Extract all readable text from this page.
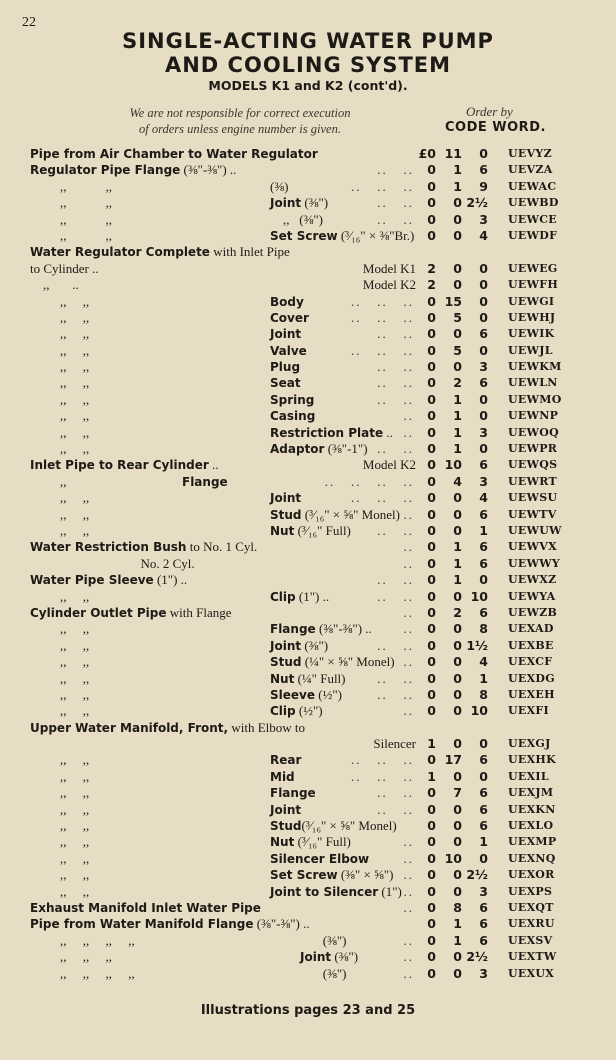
22
SINGLE-ACTING WATER PUMP
AND COOLING SYSTEM
MODELS K1 and K2 (cont'd).
We are not responsible for correct execution
of orders unless engine number is given.
Order by
CODE WORD.
Pipe from Air Chamber to Water Regulator	£0 11	0 UEVYZ
Regulator Pipe Flange (⅜"-⅜") ..	..   ..	0	1	6 UEVZA
,,            ,,	(⅜)	..   ..   ..	0	1	9 UEWAC
,,            ,,	Joint (⅜")	..   ..	0	0 2½ UEWBD
,,            ,,	,,   (⅜")	..   ..	0	0	3 UEWCE
,,            ,,	Set Screw (³⁄₁₆" × ⅜"Br.)	0	0	4 UEWDF
Water Regulator Complete with Inlet Pipe
to Cylinder ..	Model K1 2	0	0 UEWEG
,,       ..	Model K2 2	0	0 UEWFH
,,     ,,	Body	..   ..   ..	0 15	0 UEWGI
,,     ,,	Cover	..   ..   ..	0	5	0 UEWHJ
,,     ,,	Joint	..   ..	0	0	6 UEWIK
,,     ,,	Valve	..   ..   ..	0	5	0 UEWJL
,,     ,,	Plug	..   ..	0	0	3 UEWKM
,,     ,,	Seat	..   ..	0	2	6 UEWLN
,,     ,,	Spring	..   ..	0	1	0 UEWMO
,,     ,,	Casing	..	0	1	0 UEWNP
,,     ,,	Restriction Plate .. ..	0	1	3 UEWOQ
,,     ,,	Adaptor (⅜"-1") ..   ..	0	1	0 UEWPR
Inlet Pipe to Rear Cylinder ..	Model K2 0 10	6 UEWQS
,,	Flange	..   ..   ..   ..	0	4	3 UEWRT
,,     ,,	Joint	..   ..   ..	0	0	4 UEWSU
,,     ,,	Stud (³⁄₁₆" × ⅝" Monel) ..	0	0	6 UEWTV
,,     ,,	Nut (³⁄₁₆" Full) ..   ..	0	0	1 UEWUW
Water Restriction Bush to No. 1 Cyl.	..	0	1	6 UEWVX
No. 2 Cyl.	..	0	1	6 UEWWY
Water Pipe Sleeve (1") ..	..   ..	0	1	0 UEWXZ
,,     ,,	Clip (1") ..	..   ..	0	0 10 UEWYA
Cylinder Outlet Pipe with Flange	..	0	2	6 UEWZB
,,     ,,	Flange (⅜"-⅜") .. ..	0	0	8 UEXAD
,,     ,,	Joint (⅜")	..   ..	0	0 1½ UEXBE
,,     ,,	Stud (¼" × ⅝" Monel) ..	0	0	4 UEXCF
,,     ,,	Nut (¼" Full) ..   ..	0	0	1 UEXDG
,,     ,,	Sleeve (½")	..   ..	0	0	8 UEXEH
,,     ,,	Clip (½")	..	0	0 10 UEXFI
Upper Water Manifold, Front, with Elbow to
Silencer 1	0	0 UEXGJ
,,     ,,	Rear	..   ..   ..	0 17	6 UEXHK
,,     ,,	Mid	..   ..   ..	1	0	0 UEXIL
,,     ,,	Flange	..   ..	0	7	6 UEXJM
,,     ,,	Joint	..   ..	0	0	6 UEXKN
,,     ,,	Stud(³⁄₁₆" × ⅝" Monel)	0	0	6 UEXLO
,,     ,,	Nut (³⁄₁₆" Full)	..	0	0	1 UEXMP
,,     ,,	Silencer Elbow	..	0 10	0 UEXNQ
,,     ,,	Set Screw (⅜" × ⅝") ..	0	0 2½ UEXOR
,,     ,,	Joint to Silencer (1") ..	0	0	3 UEXPS
Exhaust Manifold Inlet Water Pipe	..	0	8	6 UEXQT
Pipe from Water Manifold Flange (⅜"-⅜") ..	0	1	6 UEXRU
,,     ,,     ,,     ,,	(⅜")	..	0	1	6 UEXSV
,,     ,,     ,,	Joint (⅜")	..	0	0 2½ UEXTW
,,     ,,     ,,     ,,	(⅜")	..	0	0	3 UEXUX
Illustrations pages 23 and 25
